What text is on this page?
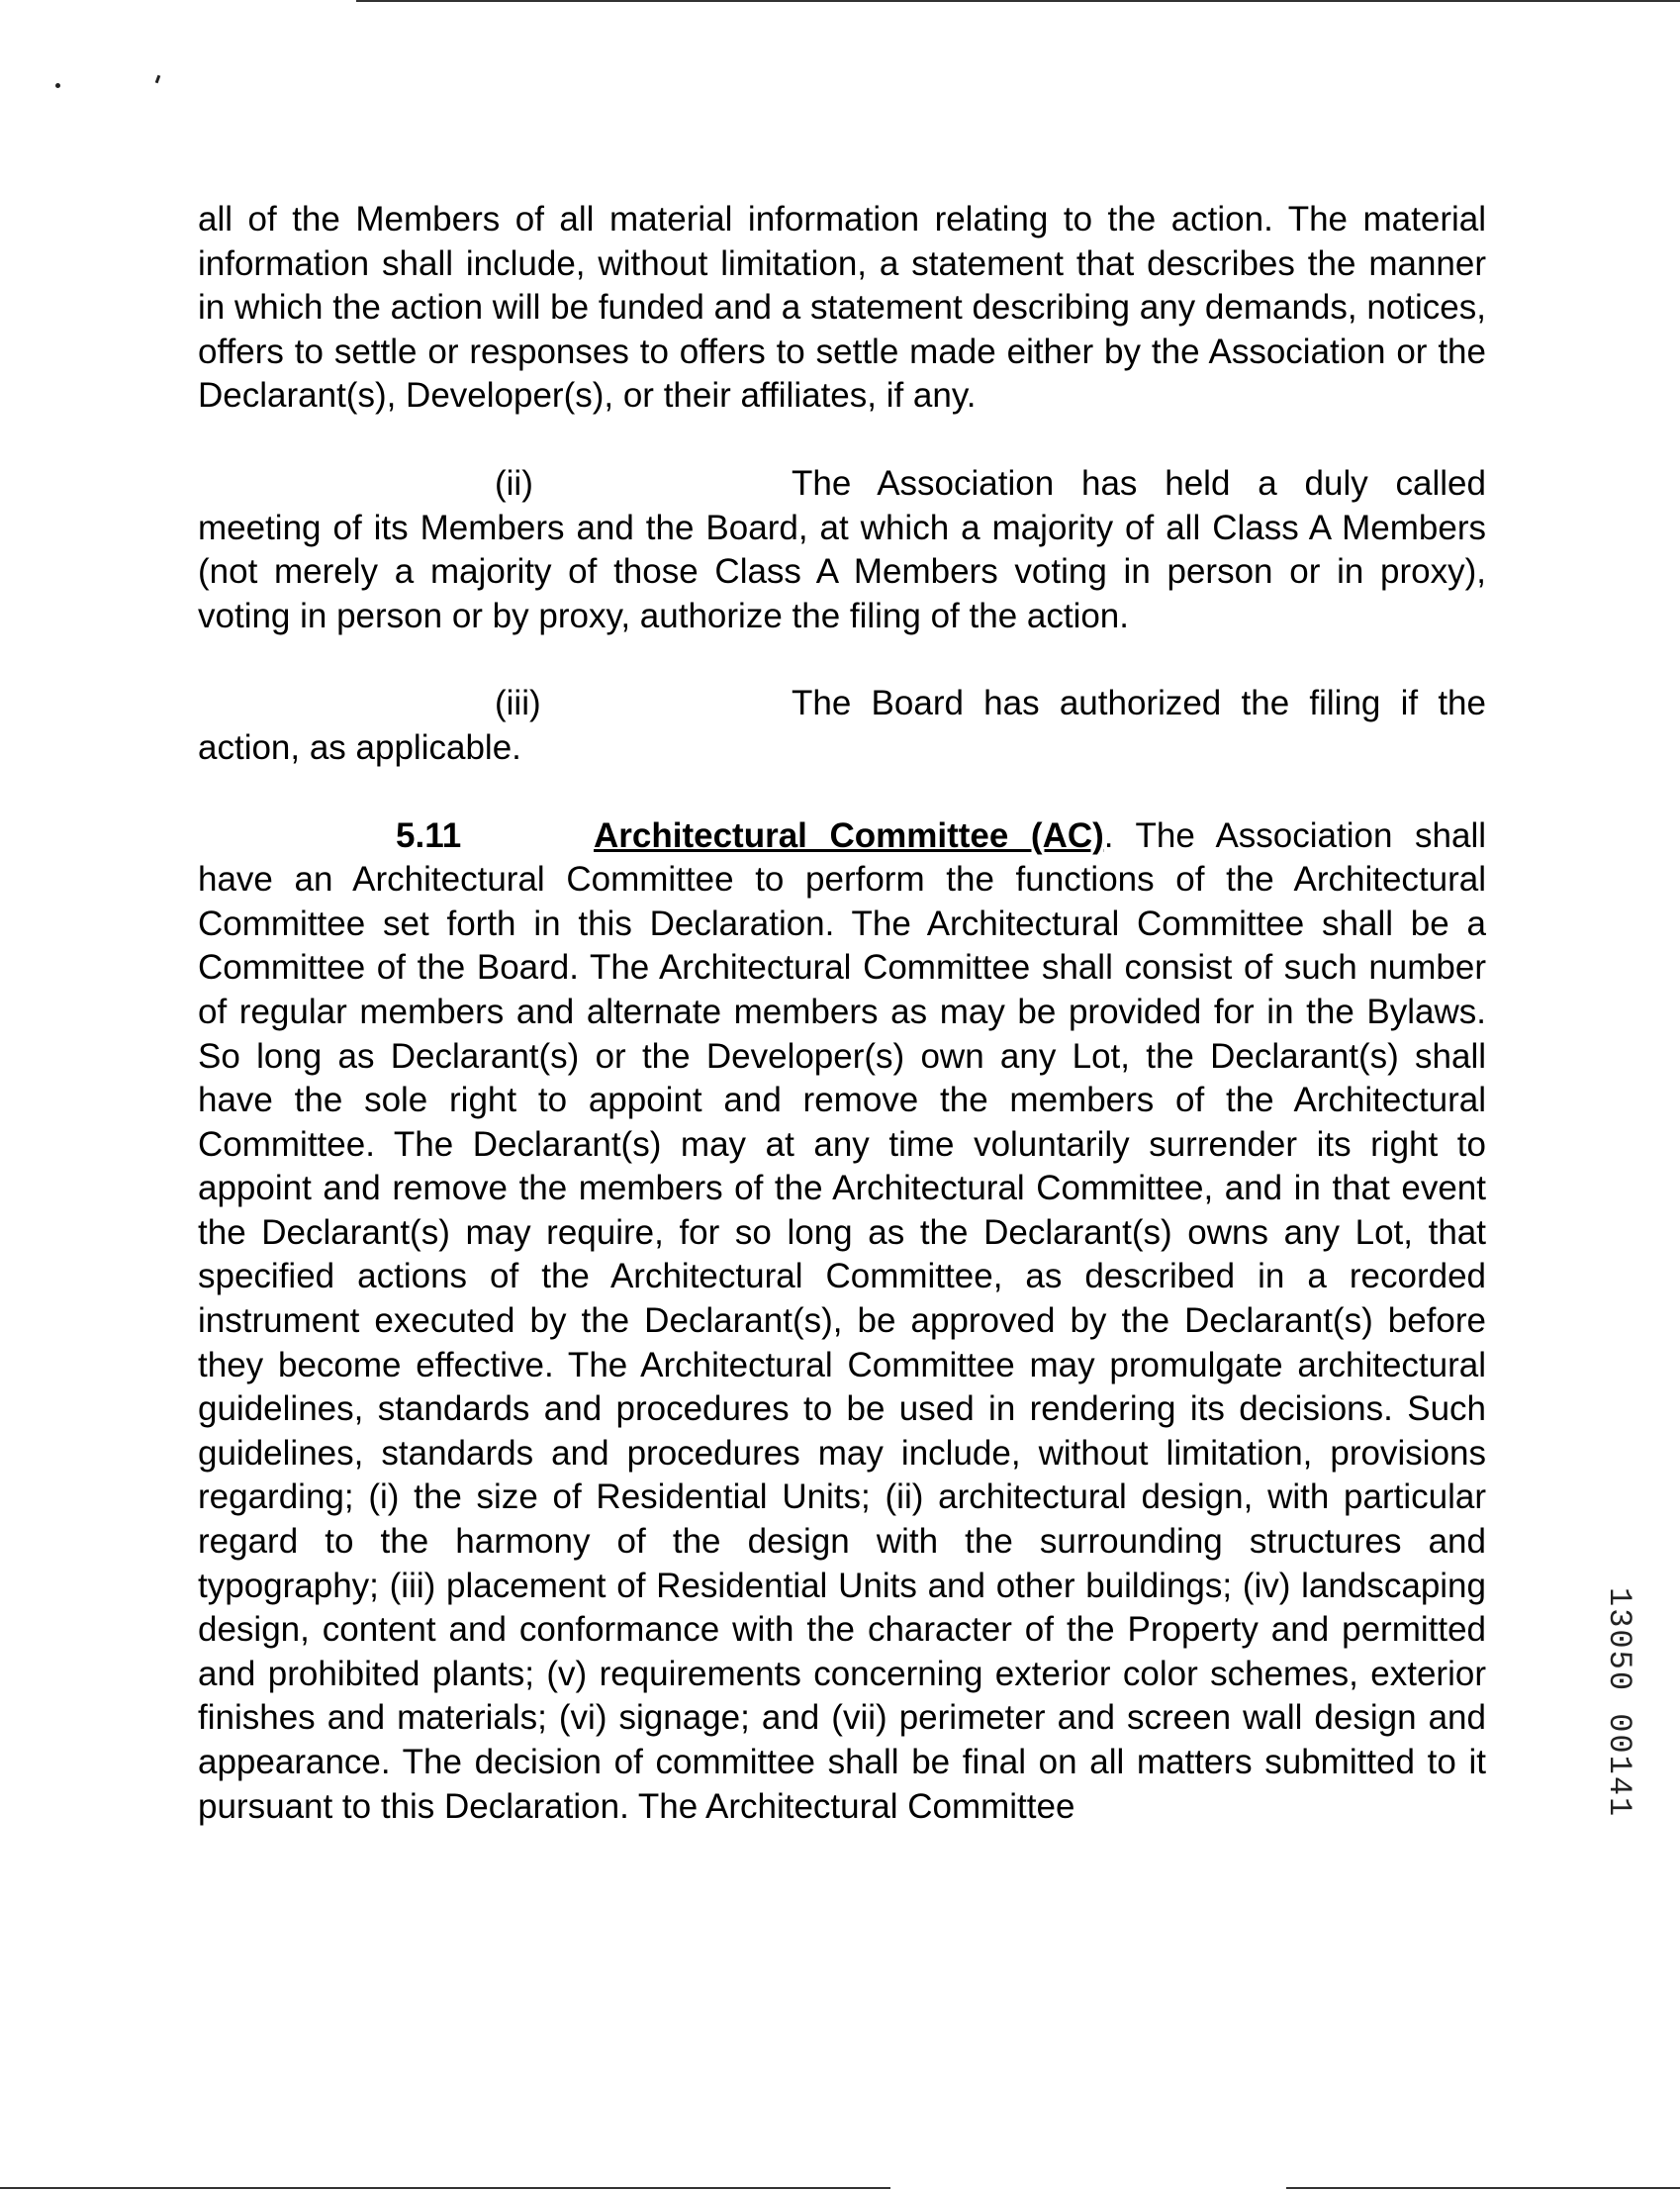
all of the Members of all material information relating to the action. The material information shall include, without limitation, a statement that describes the manner in which the action will be funded and a statement describing any demands, notices, offers to settle or responses to offers to settle made either by the Association or the Declarant(s), Developer(s), or their affiliates, if any.

(ii)	The Association has held a duly called meeting of its Members and the Board, at which a majority of all Class A Members (not merely a majority of those Class A Members voting in person or in proxy), voting in person or by proxy, authorize the filing of the action.

(iii)	The Board has authorized the filing if the action, as applicable.

5.11	Architectural Committee (AC). The Association shall have an Architectural Committee to perform the functions of the Architectural Committee set forth in this Declaration. The Architectural Committee shall be a Committee of the Board. The Architectural Committee shall consist of such number of regular members and alternate members as may be provided for in the Bylaws. So long as Declarant(s) or the Developer(s) own any Lot, the Declarant(s) shall have the sole right to appoint and remove the members of the Architectural Committee. The Declarant(s) may at any time voluntarily surrender its right to appoint and remove the members of the Architectural Committee, and in that event the Declarant(s) may require, for so long as the Declarant(s) owns any Lot, that specified actions of the Architectural Committee, as described in a recorded instrument executed by the Declarant(s), be approved by the Declarant(s) before they become effective. The Architectural Committee may promulgate architectural guidelines, standards and procedures to be used in rendering its decisions. Such guidelines, standards and procedures may include, without limitation, provisions regarding; (i) the size of Residential Units; (ii) architectural design, with particular regard to the harmony of the design with the surrounding structures and typography; (iii) placement of Residential Units and other buildings; (iv) landscaping design, content and conformance with the character of the Property and permitted and prohibited plants; (v) requirements concerning exterior color schemes, exterior finishes and materials; (vi) signage; and (vii) perimeter and screen wall design and appearance. The decision of committee shall be final on all matters submitted to it pursuant to this Declaration. The Architectural Committee	13050 00141
